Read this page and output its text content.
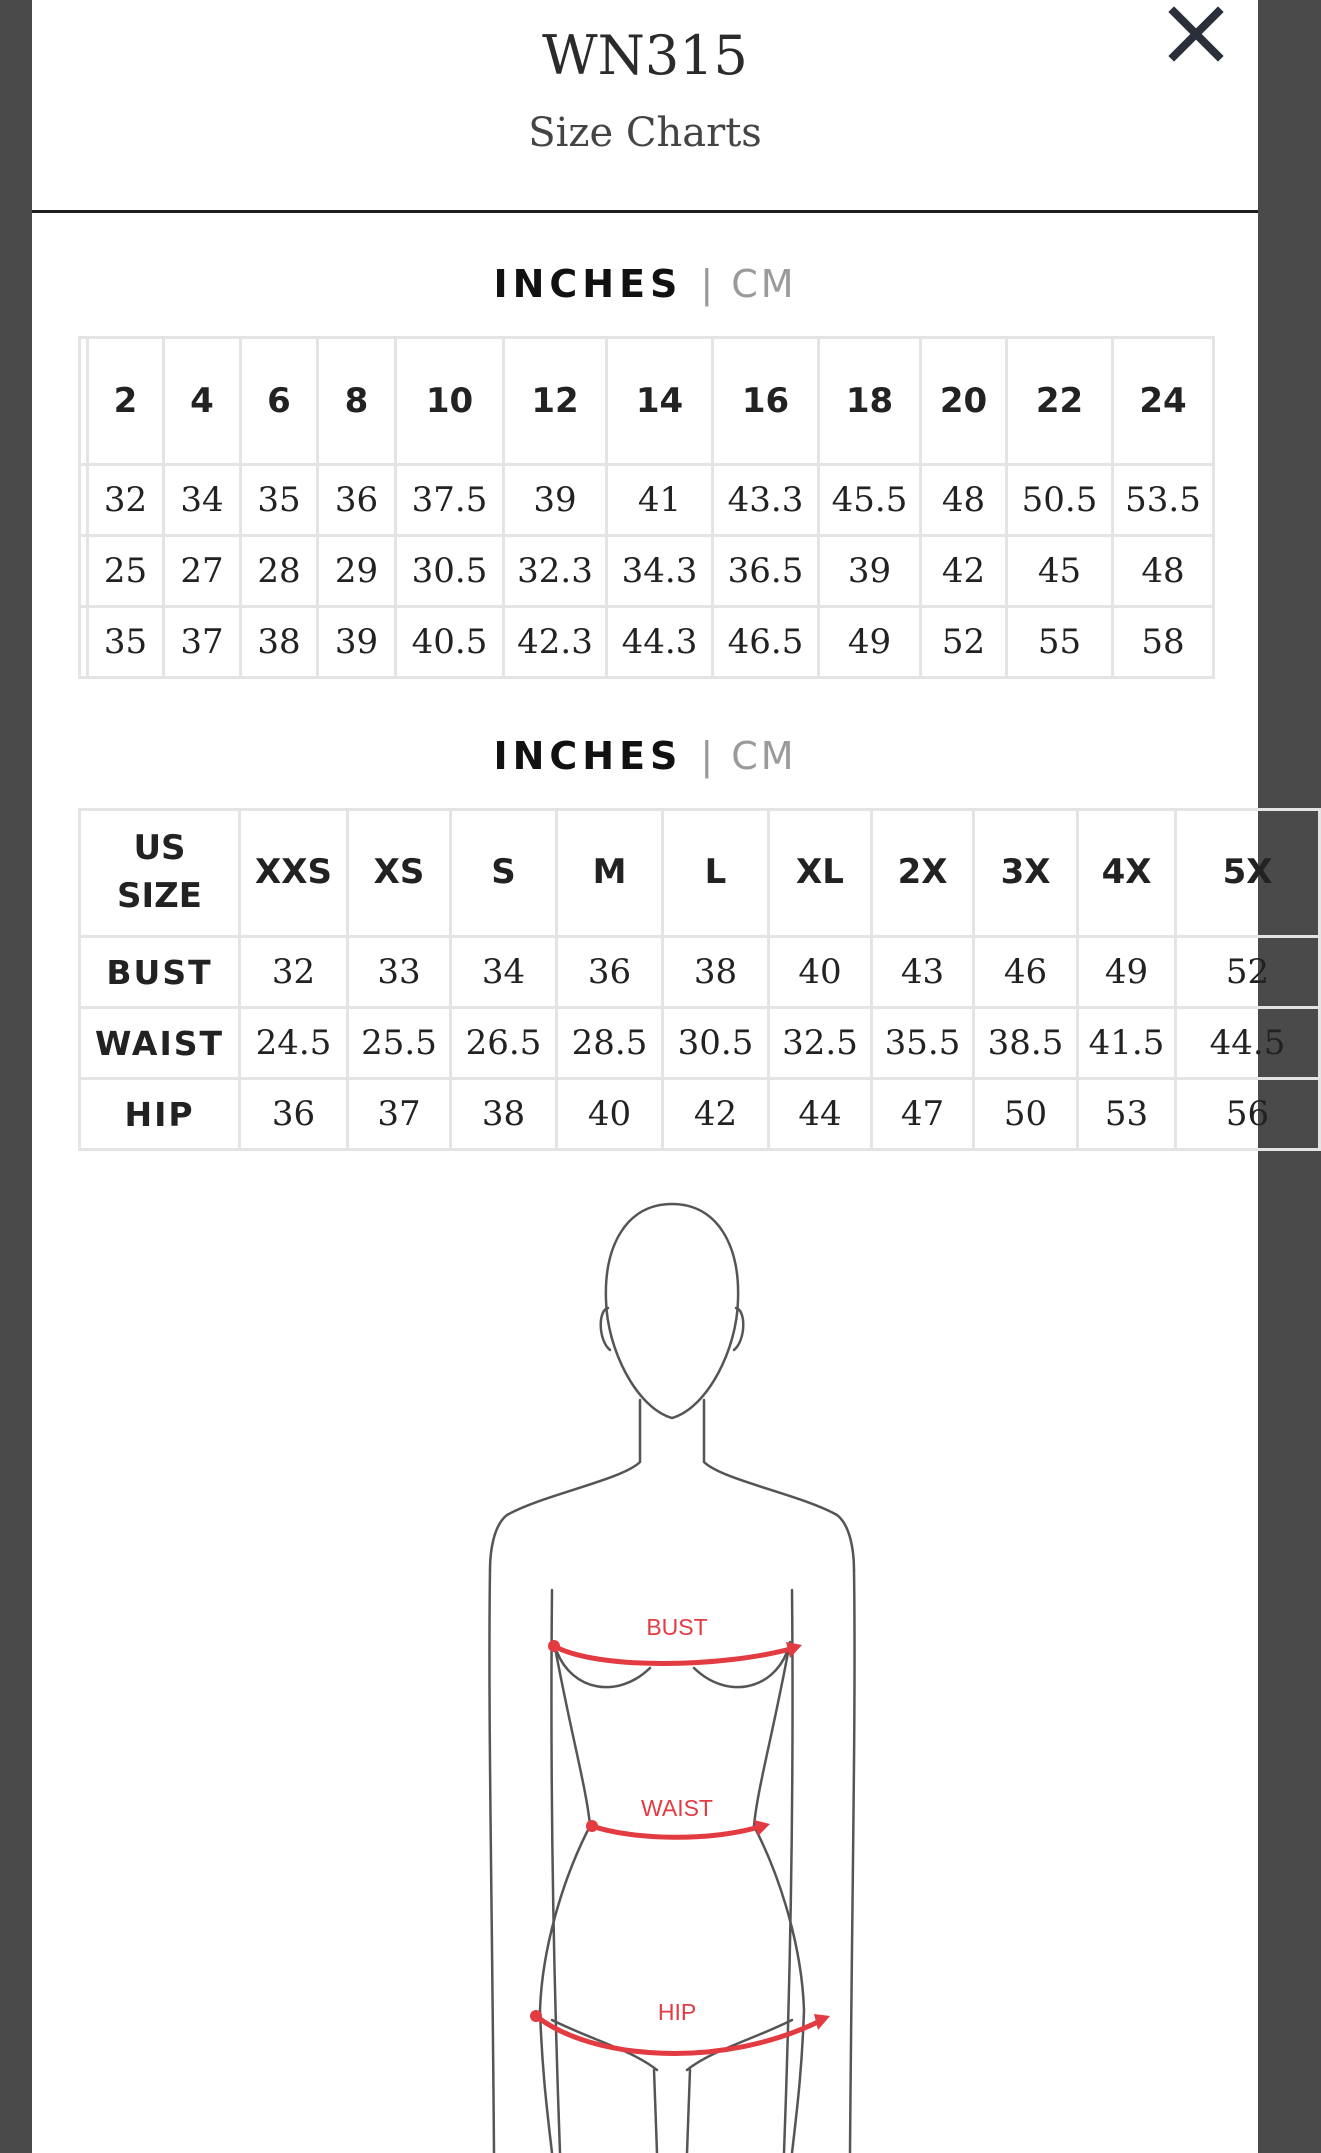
WN315
Size Charts
INCHES | CM
	2	4	6	8	10	12	14	16	18	20	22	24
	32	34	35	36	37.5	39	41	43.3	45.5	48	50.5	53.5
	25	27	28	29	30.5	32.3	34.3	36.5	39	42	45	48
	35	37	38	39	40.5	42.3	44.3	46.5	49	52	55	58
INCHES | CM
US
SIZE	XXS	XS	S	M	L	XL	2X	3X	4X	5X
BUST	32	33	34	36	38	40	43	46	49	52
WAIST	24.5	25.5	26.5	28.5	30.5	32.5	35.5	38.5	41.5	44.5
HIP	36	37	38	40	42	44	47	50	53	56
BUST
WAIST
HIP
